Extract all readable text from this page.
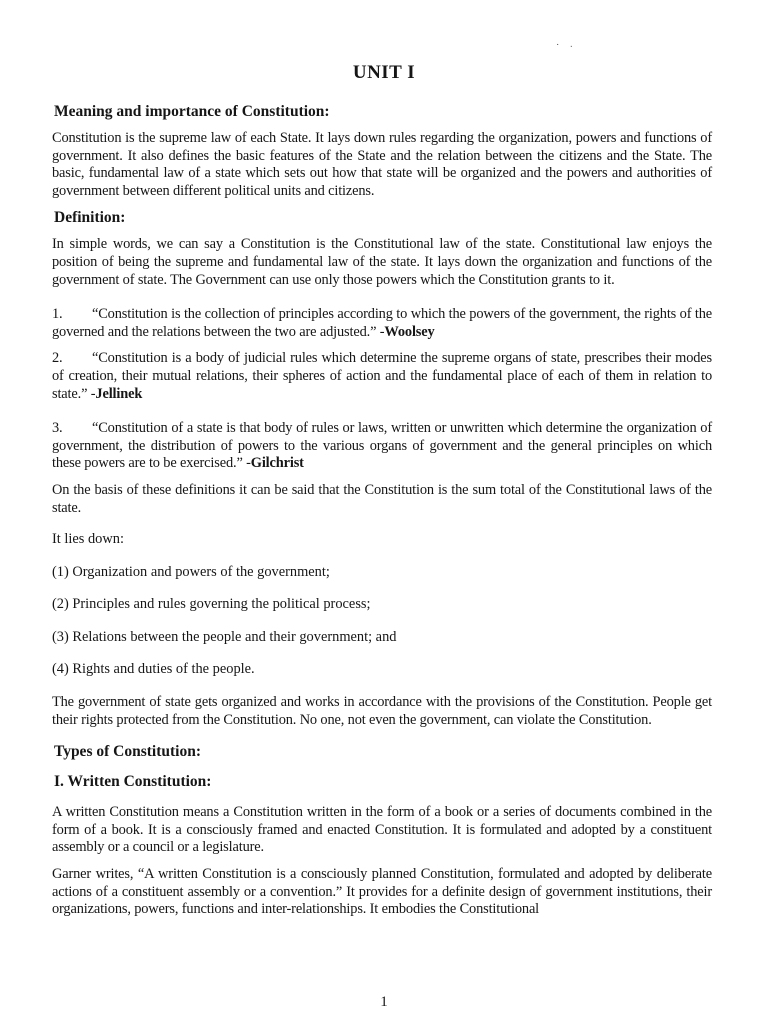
˙ ˑ
UNIT I
Meaning and importance of Constitution:
Constitution is the supreme law of each State. It lays down rules regarding the organization, powers and functions of government. It also defines the basic features of the State and the relation between the citizens and the State. The basic, fundamental law of a state which sets out how that state will be organized and the powers and authorities of government between different political units and citizens.
Definition:
In simple words, we can say a Constitution is the Constitutional law of the state. Constitutional law enjoys the position of being the supreme and fundamental law of the state. It lays down the organization and functions of the government of state. The Government can use only those powers which the Constitution grants to it.
1. “Constitution is the collection of principles according to which the powers of the government, the rights of the governed and the relations between the two are adjusted.” -Woolsey
2. “Constitution is a body of judicial rules which determine the supreme organs of state, prescribes their modes of creation, their mutual relations, their spheres of action and the fundamental place of each of them in relation to state.” -Jellinek
3. “Constitution of a state is that body of rules or laws, written or unwritten which determine the organization of government, the distribution of powers to the various organs of government and the general principles on which these powers are to be exercised.” -Gilchrist
On the basis of these definitions it can be said that the Constitution is the sum total of the Constitutional laws of the state.
It lies down:
(1) Organization and powers of the government;
(2) Principles and rules governing the political process;
(3) Relations between the people and their government; and
(4) Rights and duties of the people.
The government of state gets organized and works in accordance with the provisions of the Constitution. People get their rights protected from the Constitution. No one, not even the government, can violate the Constitution.
Types of Constitution:
I. Written Constitution:
A written Constitution means a Constitution written in the form of a book or a series of documents combined in the form of a book. It is a consciously framed and enacted Constitution. It is formulated and adopted by a constituent assembly or a council or a legislature.
Garner writes, “A written Constitution is a consciously planned Constitution, formulated and adopted by deliberate actions of a constituent assembly or a convention.” It provides for a definite design of government institutions, their organizations, powers, functions and inter-relationships. It embodies the Constitutional
1
